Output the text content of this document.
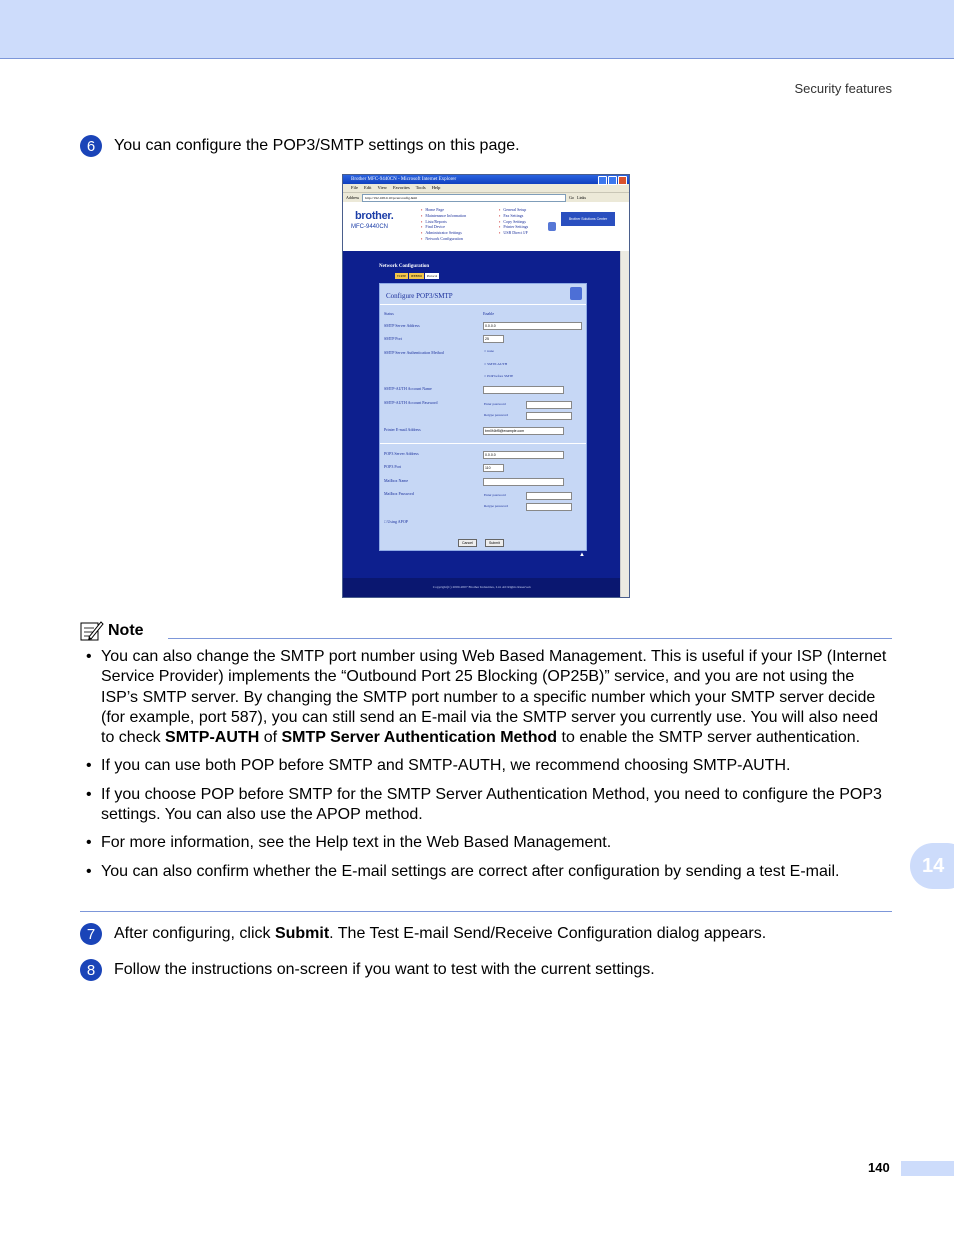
Security features
6	You can configure the POP3/SMTP settings on this page.
Brother MFC-9440CN - Microsoft Internet Explorer
File Edit View Favorites Tools Help
Address	http://192.168.0.10/pr/en/config.html	Go Links
brother.
MFC-9440CN
▪ Home Page
▪ Maintenance Information
▪ Lists/Reports
▪ Find Device
▪ Administrator Settings
▪ Network Configuration
▪ General Setup
▪ Fax Settings
▪ Copy Settings
▪ Printer Settings
▪ USB Direct I/F
Brother Solutions Center
Network Configuration
TCP/IP	IEEE802	Protocol
Configure POP3/SMTP
Status	Enable
SMTP Server Address	0.0.0.0
SMTP Port	25
SMTP Server Authentication Method
○	none
○ SMTP-AUTH
○ POP before SMTP
SMTP-AUTH Account Name
SMTP-AUTH Account Password	Enter password
Retype password
Printer E-mail Address	brn0f4bf5@example.com
POP3 Server Address	0.0.0.0
POP3 Port	110
Mailbox Name
Mailbox Password	Enter password
Retype password
□ Using APOP
Cancel	Submit
▲
Copyright(C) 2000-2007 Brother Industries, Ltd. All Rights Reserved.
Note
• You can also change the SMTP port number using Web Based Management. This is useful if your ISP (Internet Service Provider) implements the “Outbound Port 25 Blocking (OP25B)” service, and you are not using the ISP’s SMTP server. By changing the SMTP port number to a specific number which your SMTP server decide (for example, port 587), you can still send an E-mail via the SMTP server you currently use. You will also need to check SMTP-AUTH of SMTP Server Authentication Method to enable the SMTP server authentication.
• If you can use both POP before SMTP and SMTP-AUTH, we recommend choosing SMTP-AUTH.
• If you choose POP before SMTP for the SMTP Server Authentication Method, you need to configure the POP3 settings. You can also use the APOP method.
• For more information, see the Help text in the Web Based Management.
• You can also confirm whether the E-mail settings are correct after configuration by sending a test E-mail.
7	After configuring, click Submit. The Test E-mail Send/Receive Configuration dialog appears.
8	Follow the instructions on-screen if you want to test with the current settings.
14
140
